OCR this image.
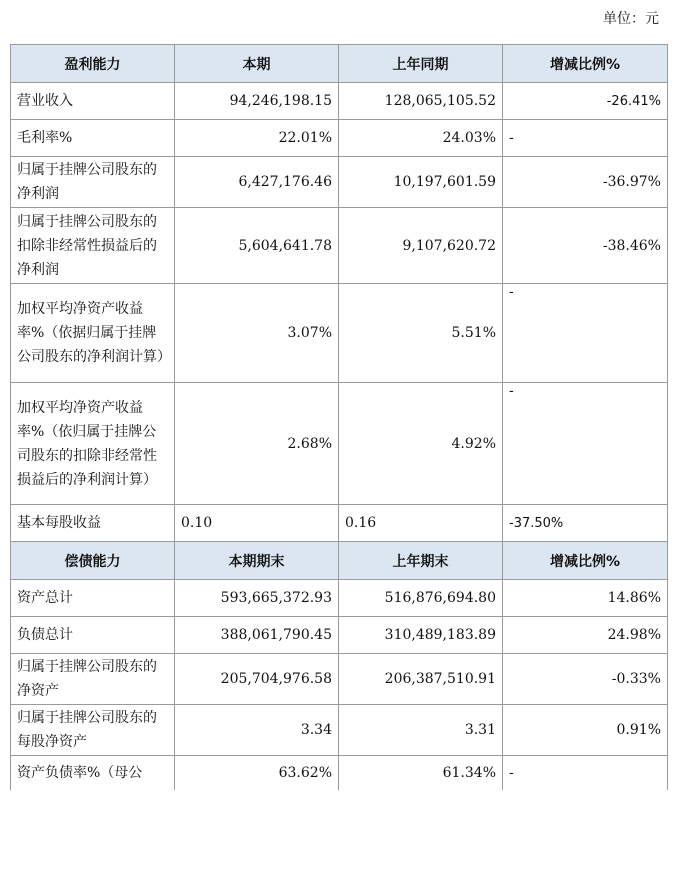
单位：元
盈利能力	本期	上年同期	增减比例%
营业收入	94,246,198.15	128,065,105.52	-26.41%
毛利率%	22.01%	24.03%	-
归属于挂牌公司股东的净利润	6,427,176.46	10,197,601.59	-36.97%
归属于挂牌公司股东的扣除非经常性损益后的净利润	5,604,641.78	9,107,620.72	-38.46%
加权平均净资产收益率%（依据归属于挂牌公司股东的净利润计算）	3.07%	5.51%	-
加权平均净资产收益率%（依归属于挂牌公司股东的扣除非经常性损益后的净利润计算）	2.68%	4.92%	-
基本每股收益	0.10	0.16	-37.50%
偿债能力	本期期末	上年期末	增减比例%
资产总计	593,665,372.93	516,876,694.80	14.86%
负债总计	388,061,790.45	310,489,183.89	24.98%
归属于挂牌公司股东的净资产	205,704,976.58	206,387,510.91	-0.33%
归属于挂牌公司股东的每股净资产	3.34	3.31	0.91%
资产负债率%（母公	63.62%	61.34%	-
